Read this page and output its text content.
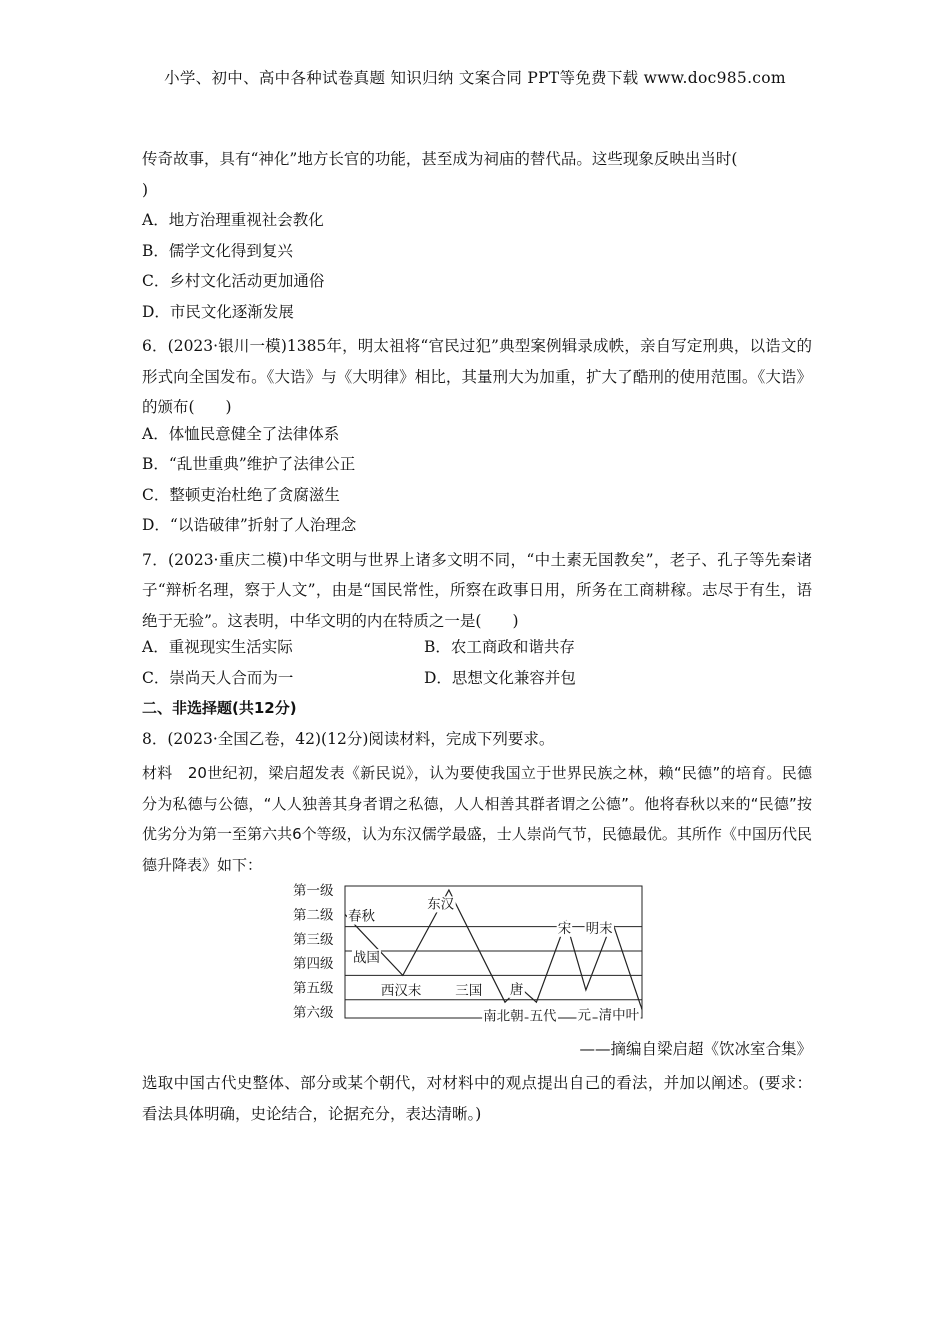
小学、初中、高中各种试卷真题 知识归纳 文案合同 PPT等免费下载 www.doc985.com
传奇故事，具有“神化”地方长官的功能，甚至成为祠庙的替代品。这些现象反映出当时(
)
A．地方治理重视社会教化
B．儒学文化得到复兴
C．乡村文化活动更加通俗
D．市民文化逐渐发展
6．(2023·银川一模)1385年，明太祖将“官民过犯”典型案例辑录成帙，亲自写定刑典，以诰文的形式向全国发布。《大诰》与《大明律》相比，其量刑大为加重，扩大了酷刑的使用范围。《大诰》的颁布(　　)
A．体恤民意健全了法律体系
B．“乱世重典”维护了法律公正
C．整顿吏治杜绝了贪腐滋生
D．“以诰破律”折射了人治理念
7．(2023·重庆二模)中华文明与世界上诸多文明不同，“中土素无国教矣”，老子、孔子等先秦诸子“辩析名理，察于人文”，由是“国民常性，所察在政事日用，所务在工商耕稼。志尽于有生，语绝于无验”。这表明，中华文明的内在特质之一是(　　)
A．重视现实生活实际	B．农工商政和谐共存
C．崇尚天人合而为一	D．思想文化兼容并包
二、非选择题(共12分)
8．(2023·全国乙卷，42)(12分)阅读材料，完成下列要求。
材料　20世纪初，梁启超发表《新民说》，认为要使我国立于世界民族之林，赖“民德”的培育。民德分为私德与公德，“人人独善其身者谓之私德，人人相善其群者谓之公德”。他将春秋以来的“民德”按优劣分为第一至第六共6个等级，认为东汉儒学最盛，士人崇尚气节，民德最优。其所作《中国历代民德升降表》如下：
第一级
第二级
第三级
第四级
第五级
第六级
春秋
东汉
战国
西汉末	三国 唐
宋 明末
南北朝 五代 元 清中叶
——摘编自梁启超《饮冰室合集》
选取中国古代史整体、部分或某个朝代，对材料中的观点提出自己的看法，并加以阐述。(要求：看法具体明确，史论结合，论据充分，表达清晰。)
